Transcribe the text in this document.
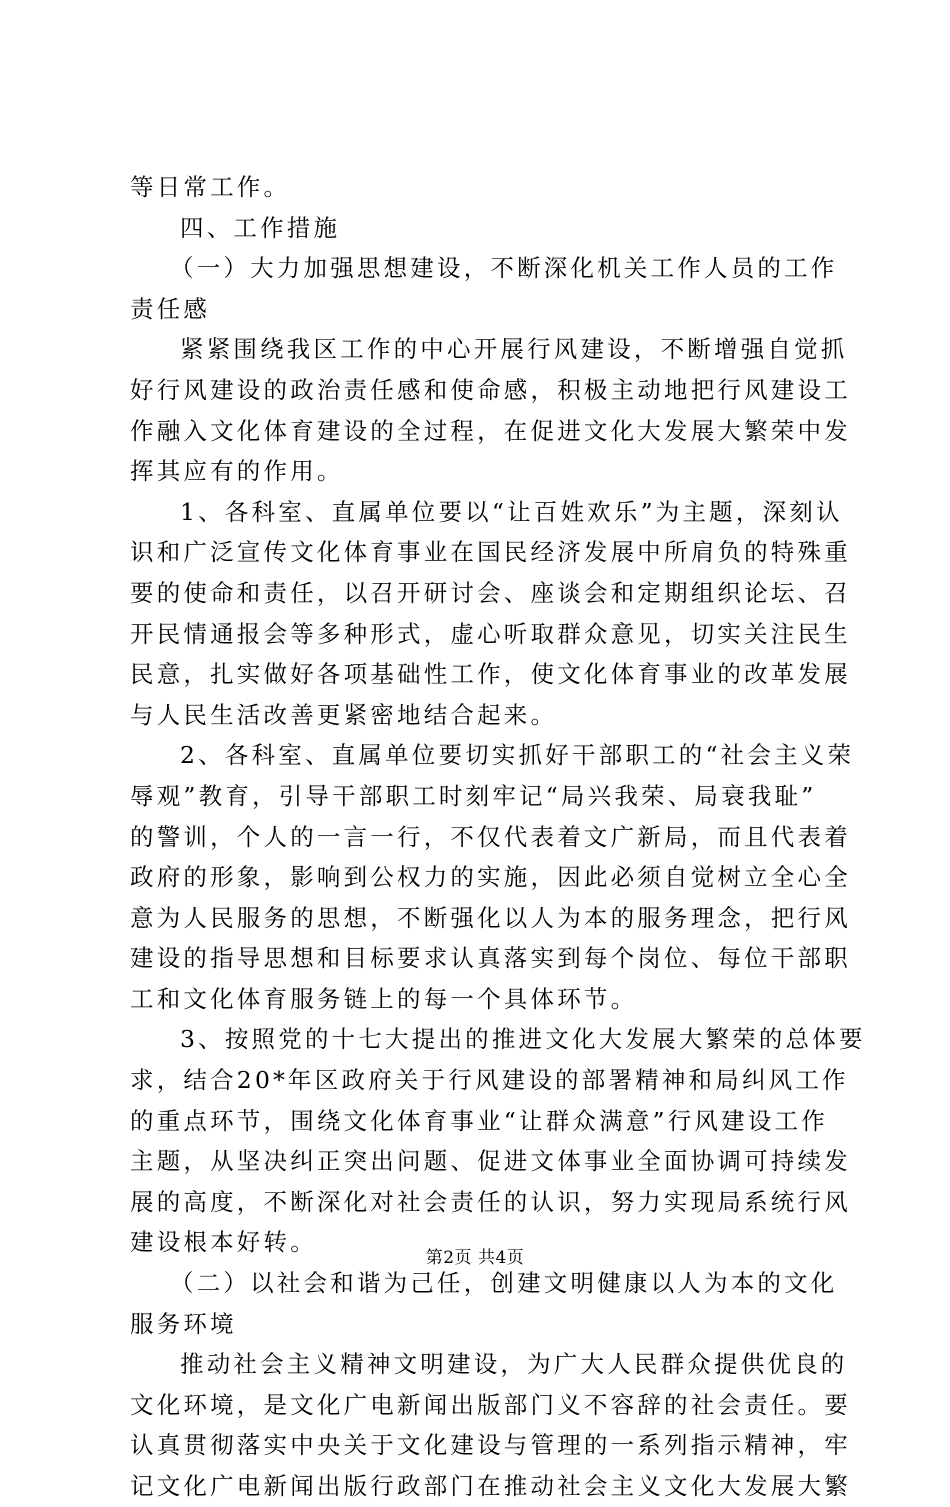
等日常工作。
四、工作措施
（一）大力加强思想建设，不断深化机关工作人员的工作
责任感
紧紧围绕我区工作的中心开展行风建设，不断增强自觉抓
好行风建设的政治责任感和使命感，积极主动地把行风建设工
作融入文化体育建设的全过程，在促进文化大发展大繁荣中发
挥其应有的作用。
1、各科室、直属单位要以“让百姓欢乐”为主题，深刻认
识和广泛宣传文化体育事业在国民经济发展中所肩负的特殊重
要的使命和责任，以召开研讨会、座谈会和定期组织论坛、召
开民情通报会等多种形式，虚心听取群众意见，切实关注民生
民意，扎实做好各项基础性工作，使文化体育事业的改革发展
与人民生活改善更紧密地结合起来。
2、各科室、直属单位要切实抓好干部职工的“社会主义荣
辱观”教育，引导干部职工时刻牢记“局兴我荣、局衰我耻”
的警训，个人的一言一行，不仅代表着文广新局，而且代表着
政府的形象，影响到公权力的实施，因此必须自觉树立全心全
意为人民服务的思想，不断强化以人为本的服务理念，把行风
建设的指导思想和目标要求认真落实到每个岗位、每位干部职
工和文化体育服务链上的每一个具体环节。
3、按照党的十七大提出的推进文化大发展大繁荣的总体要
求，结合20*年区政府关于行风建设的部署精神和局纠风工作
的重点环节，围绕文化体育事业“让群众满意”行风建设工作
主题，从坚决纠正突出问题、促进文体事业全面协调可持续发
展的高度，不断深化对社会责任的认识，努力实现局系统行风
建设根本好转。
（二）以社会和谐为己任，创建文明健康以人为本的文化
服务环境
推动社会主义精神文明建设，为广大人民群众提供优良的
文化环境，是文化广电新闻出版部门义不容辞的社会责任。要
认真贯彻落实中央关于文化建设与管理的一系列指示精神，牢
记文化广电新闻出版行政部门在推动社会主义文化大发展大繁
第2页 共4页
